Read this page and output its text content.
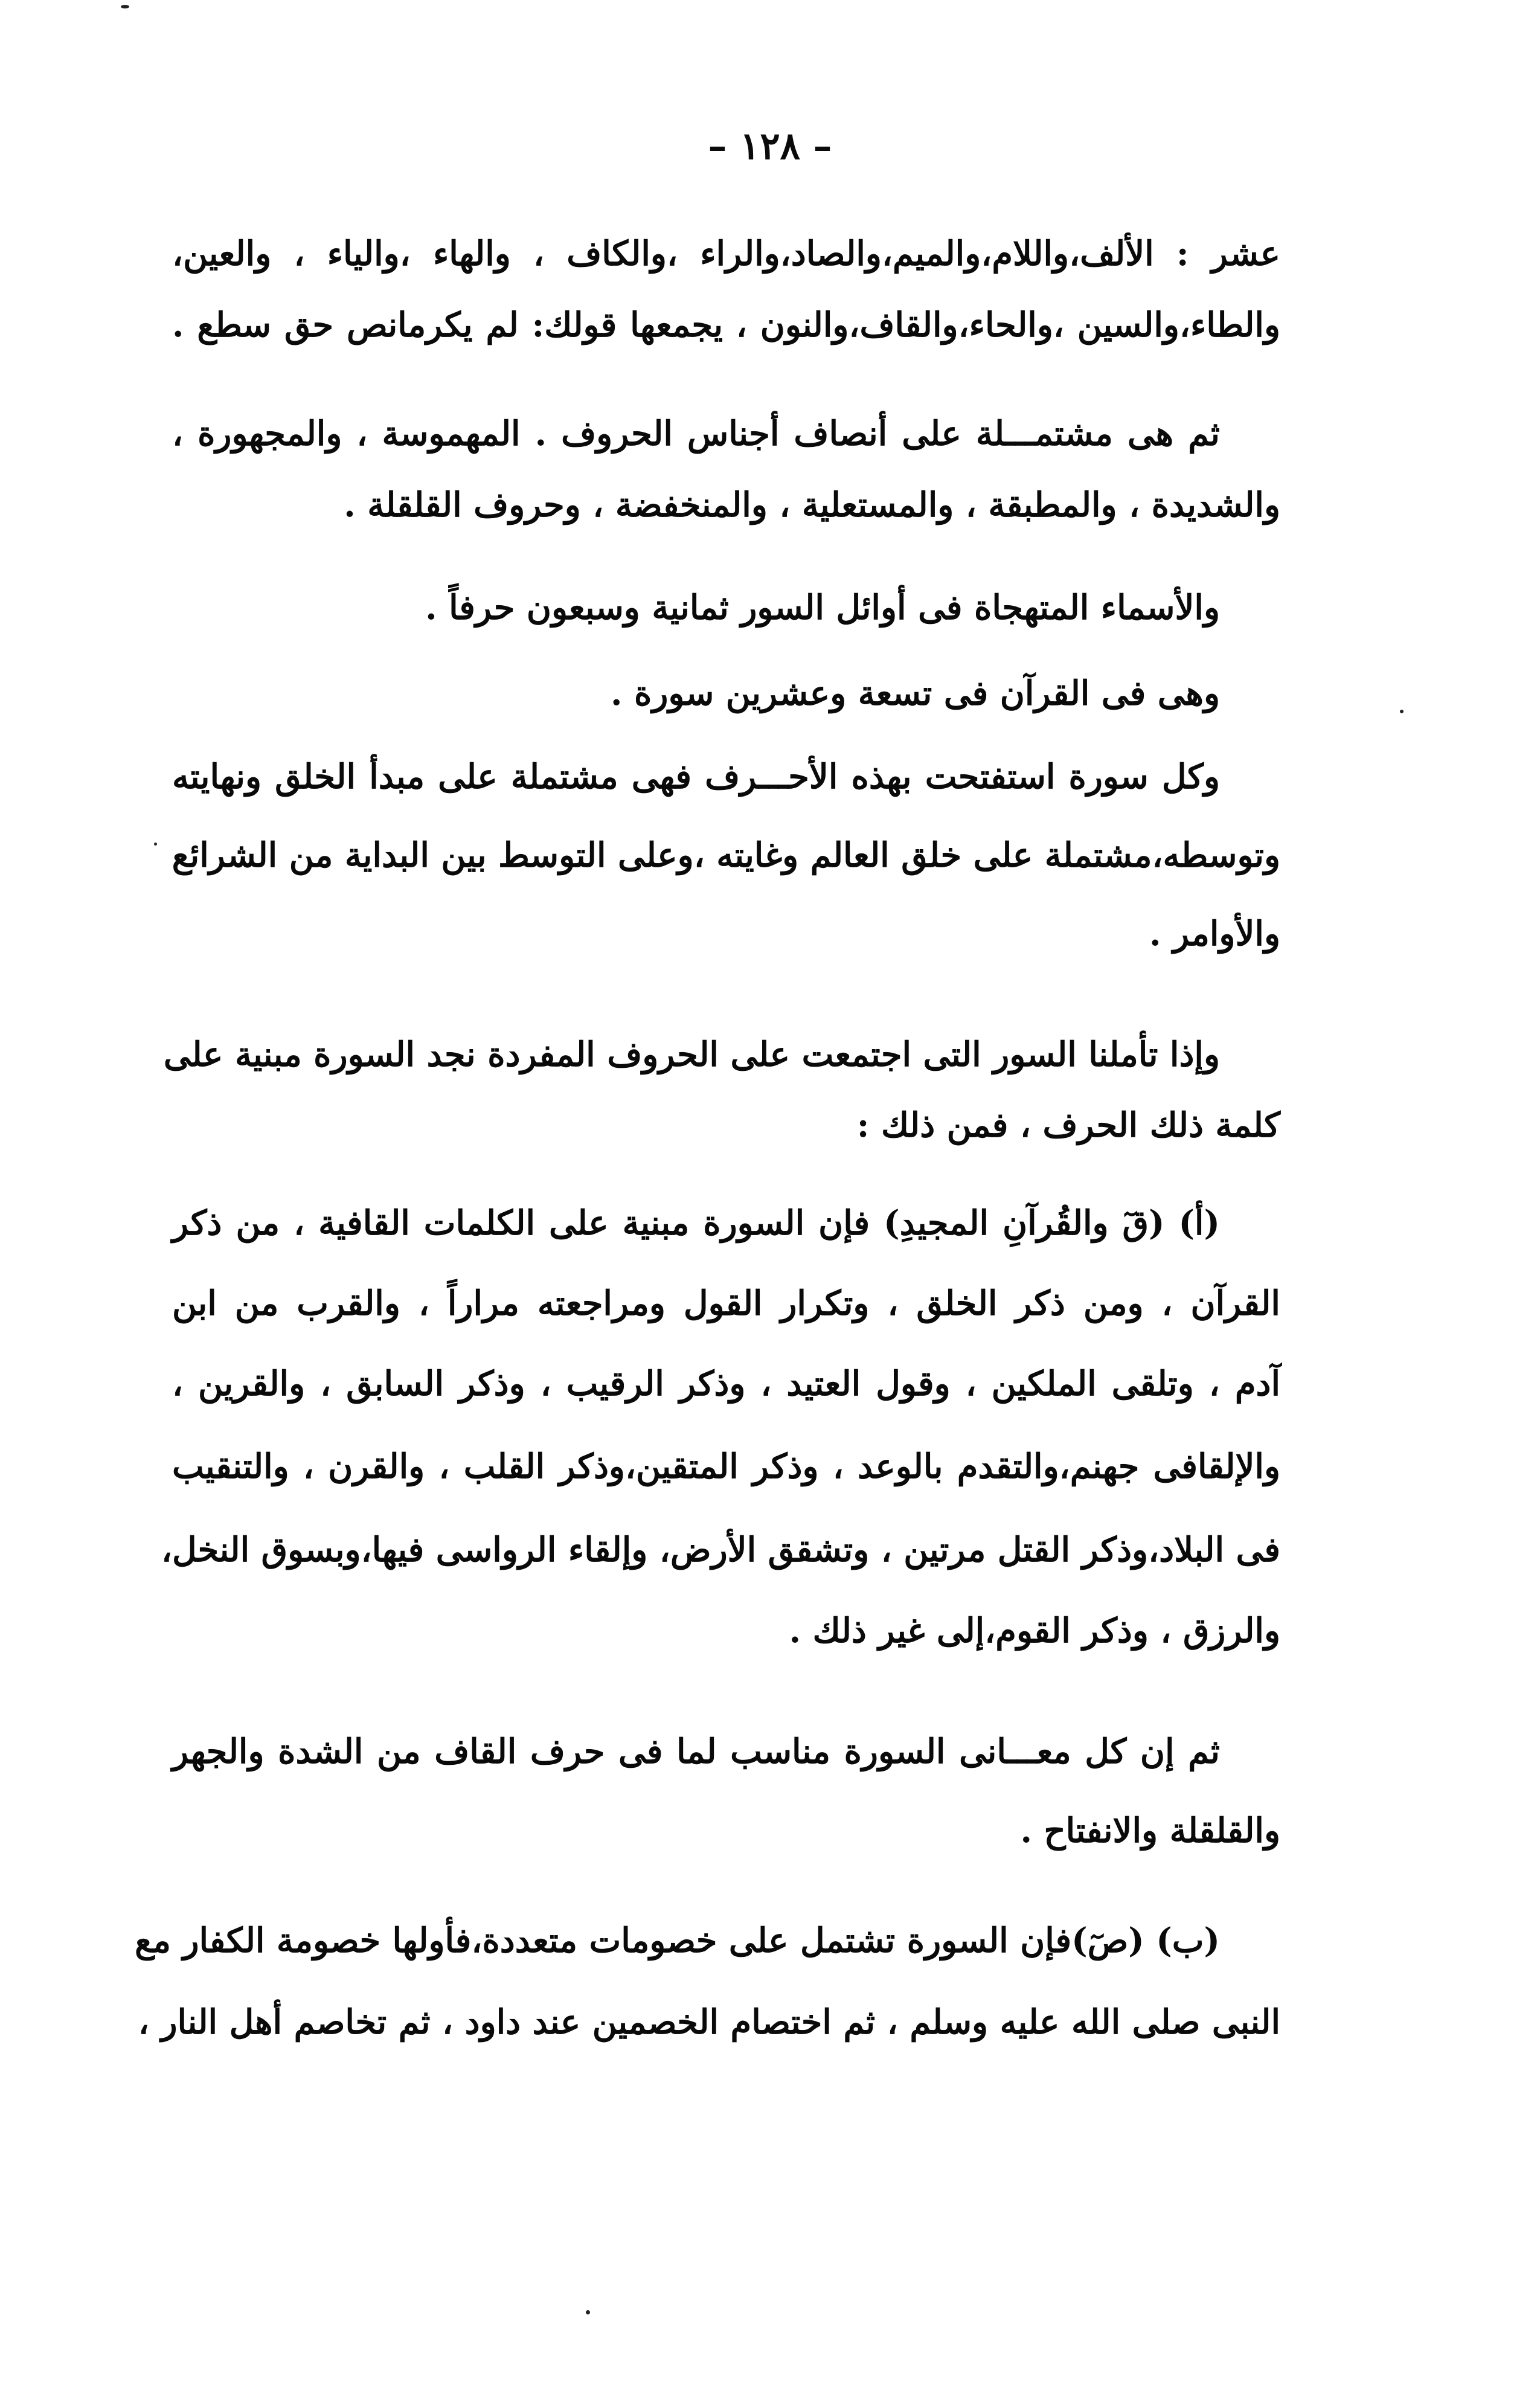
– ١٢٨ –
عشر : الألف،واللام،والميم،والصاد،والراء ،والكاف ، والهاء ،والياء ، والعين،
والطاء،والسين ،والحاء،والقاف،والنون ، يجمعها قولك: لم يكرمانص حق سطع .
ثم هى مشتمـــلة على أنصاف أجناس الحروف . المهموسة ، والمجهورة ،
والشديدة ، والمطبقة ، والمستعلية ، والمنخفضة ، وحروف القلقلة .
والأسماء المتهجاة فى أوائل السور ثمانية وسبعون حرفاً .
وهى فى القرآن فى تسعة وعشرين سورة .
وكل سورة استفتحت بهذه الأحـــرف فهى مشتملة على مبدأ الخلق ونهايته
وتوسطه،مشتملة على خلق العالم وغايته ،وعلى التوسط بين البداية من الشرائع
والأوامر .
وإذا تأملنا السور التى اجتمعت على الحروف المفردة نجد السورة مبنية على
كلمة ذلك الحرف ، فمن ذلك :
(أ) (قٓ والقُرآنِ المجيدِ) فإن السورة مبنية على الكلمات القافية ، من ذكر
القرآن ، ومن ذكر الخلق ، وتكرار القول ومراجعته مراراً ، والقرب من ابن
آدم ، وتلقى الملكين ، وقول العتيد ، وذكر الرقيب ، وذكر السابق ، والقرين ،
والإلقافى جهنم،والتقدم بالوعد ، وذكر المتقين،وذكر القلب ، والقرن ، والتنقيب
فى البلاد،وذكر القتل مرتين ، وتشقق الأرض، وإلقاء الرواسى فيها،وبسوق النخل،
والرزق ، وذكر القوم،إلى غير ذلك .
ثم إن كل معـــانى السورة مناسب لما فى حرف القاف من الشدة والجهر
والقلقلة والانفتاح .
(ب) (صٓ)فإن السورة تشتمل على خصومات متعددة،فأولها خصومة الكفار مع
النبى صلى الله عليه وسلم ، ثم اختصام الخصمين عند داود ، ثم تخاصم أهل النار ،
